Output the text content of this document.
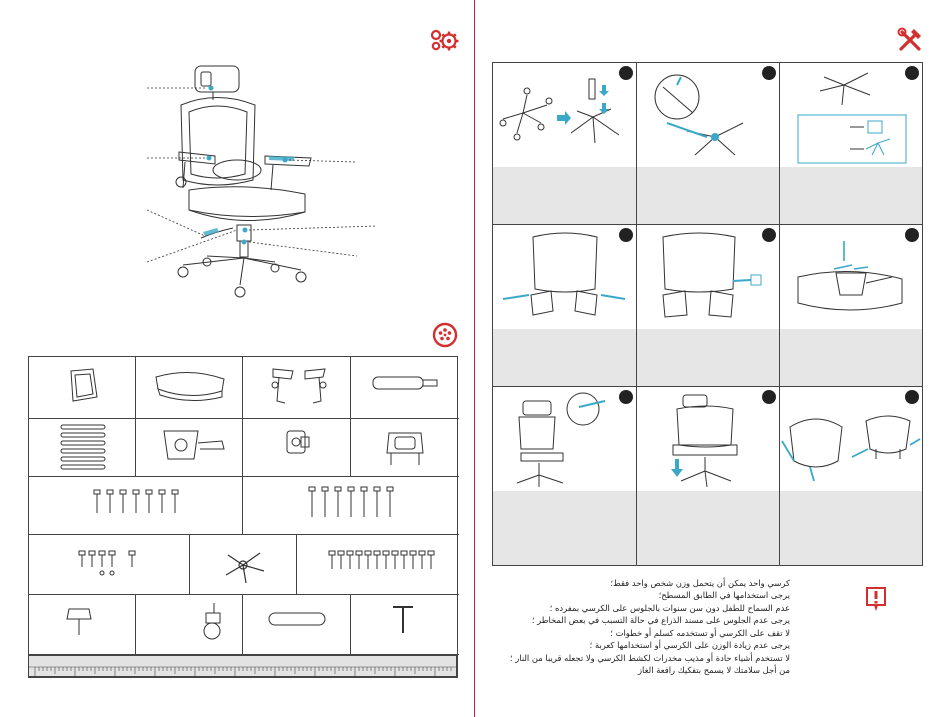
كرسي واحد يمكن أن يتحمل وزن شخص واحد فقط؛
يرجى استخدامها في الطابق المسطح؛
عدم السماح للطفل دون سن سنوات بالجلوس على الكرسي بمفرده ؛
يرجى عدم الجلوس على مسند الذراع في حالة التسبب في بعض المخاطر ؛
لا تقف على الكرسي أو تستخدمه كسلم أو خطوات ؛
يرجى عدم زيادة الوزن على الكرسي أو استخدامها كعربة ؛
لا تستخدم أشياء حادة أو مذيب مخدرات لكشط الكرسي ولا تجعله قريبا من النار ؛
من أجل سلامتك لا يسمح بتفكيك رافعة الغاز
